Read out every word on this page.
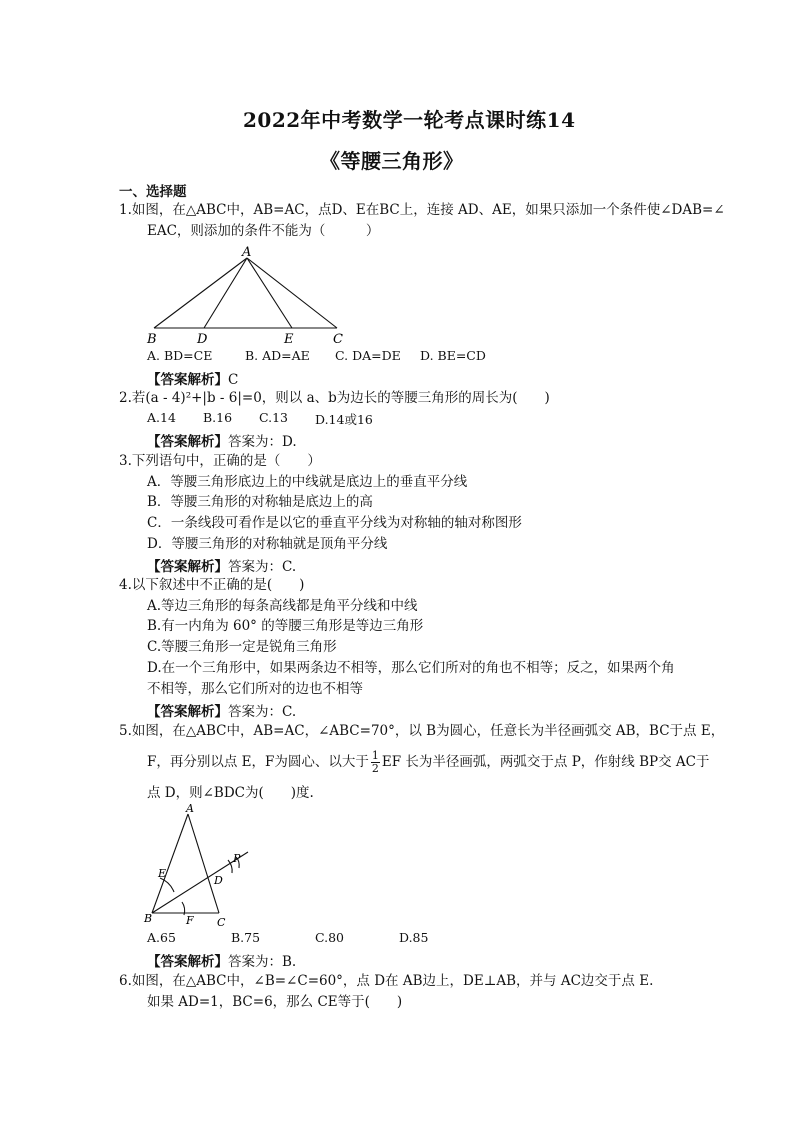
2022年中考数学一轮考点课时练14
《等腰三角形》
一、选择题
1.如图，在△ABC中，AB=AC，点D、E在BC上，连接 AD、AE，如果只添加一个条件使∠DAB=∠
EAC，则添加的条件不能为（　　　）
A
B	D	E	C
A. BD=CE	B. AD=AE C. DA=DE D. BE=CD
【答案解析】C
2.若(a - 4)²+|b - 6|=0，则以 a、b为边长的等腰三角形的周长为(　　)
A.14 B.16 C.13 D.14或16
【答案解析】答案为：D.
3.下列语句中，正确的是（　　）
A．等腰三角形底边上的中线就是底边上的垂直平分线
B．等腰三角形的对称轴是底边上的高
C．一条线段可看作是以它的垂直平分线为对称轴的轴对称图形
D．等腰三角形的对称轴就是顶角平分线
【答案解析】答案为：C.
4.以下叙述中不正确的是(　　)
A.等边三角形的每条高线都是角平分线和中线
B.有一内角为 60° 的等腰三角形是等边三角形
C.等腰三角形一定是锐角三角形
D.在一个三角形中，如果两条边不相等，那么它们所对的角也不相等；反之，如果两个角
不相等，那么它们所对的边也不相等
【答案解析】答案为：C.
5.如图，在△ABC中，AB=AC，∠ABC=70°，以 B为圆心，任意长为半径画弧交 AB，BC于点 E，
F，再分别以点 E，F为圆心、以大于 $\frac{1}{2}$ EF 长为半径画弧，两弧交于点 P，作射线 BP交 AC于
点 D，则∠BDC为(　　)度.
A
E
D
P
B	F C
A.65	B.75	C.80	D.85
【答案解析】答案为：B.
6.如图，在△ABC中，∠B=∠C=60°，点 D在 AB边上，DE⊥AB，并与 AC边交于点 E.
如果 AD=1，BC=6，那么 CE等于(　　)
